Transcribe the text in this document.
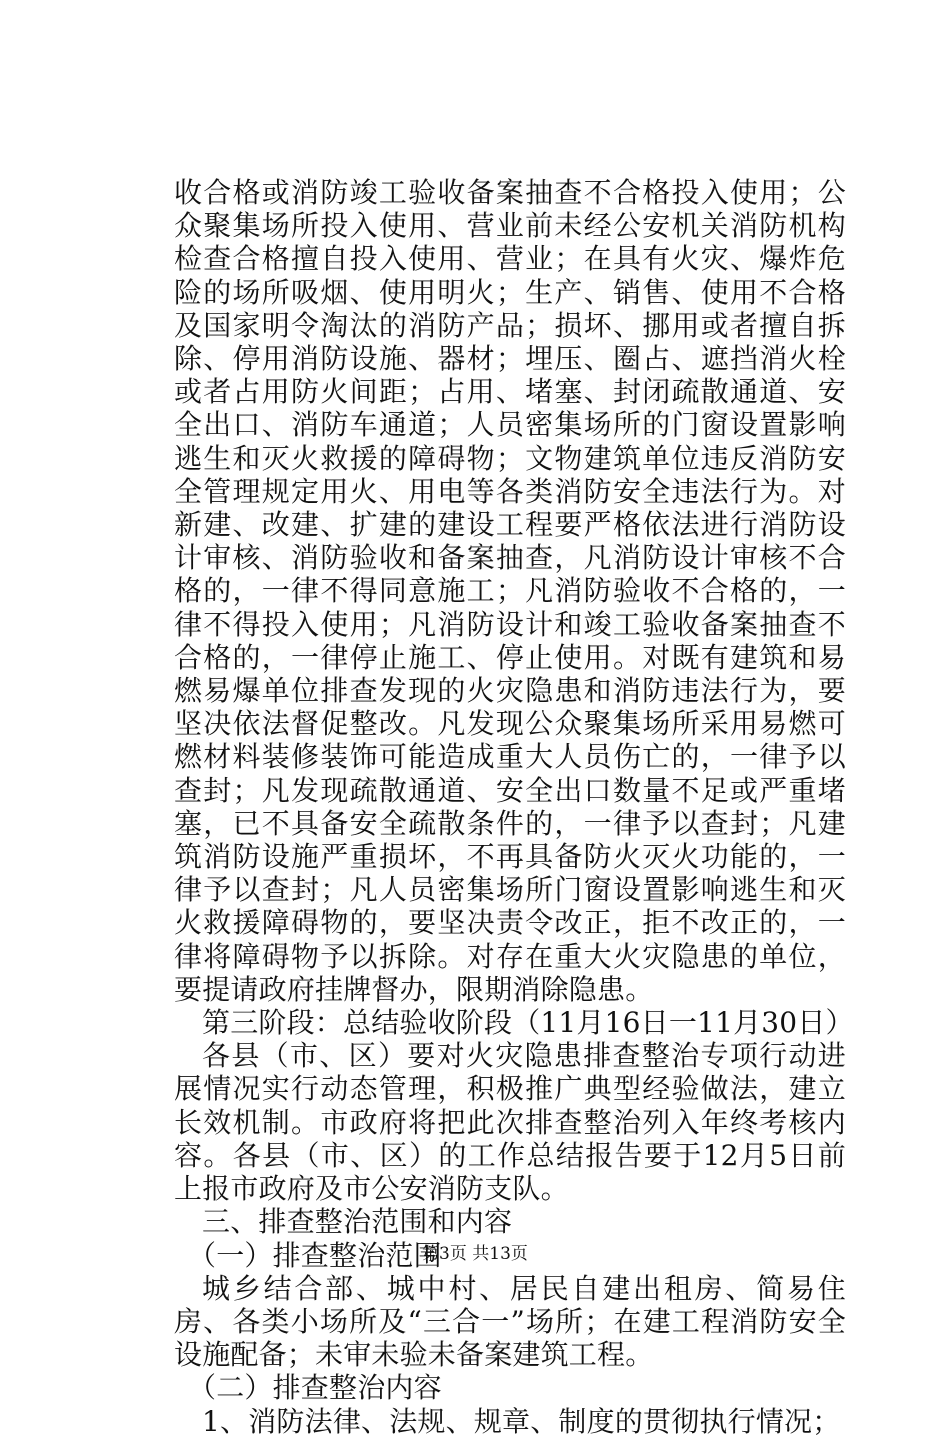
收合格或消防竣工验收备案抽查不合格投入使用；公众聚集场所投入使用、营业前未经公安机关消防机构检查合格擅自投入使用、营业；在具有火灾、爆炸危险的场所吸烟、使用明火；生产、销售、使用不合格及国家明令淘汰的消防产品；损坏、挪用或者擅自拆除、停用消防设施、器材；埋压、圈占、遮挡消火栓或者占用防火间距；占用、堵塞、封闭疏散通道、安全出口、消防车通道；人员密集场所的门窗设置影响逃生和灭火救援的障碍物；文物建筑单位违反消防安全管理规定用火、用电等各类消防安全违法行为。对新建、改建、扩建的建设工程要严格依法进行消防设计审核、消防验收和备案抽查，凡消防设计审核不合格的，一律不得同意施工；凡消防验收不合格的，一律不得投入使用；凡消防设计和竣工验收备案抽查不合格的，一律停止施工、停止使用。对既有建筑和易燃易爆单位排查发现的火灾隐患和消防违法行为，要坚决依法督促整改。凡发现公众聚集场所采用易燃可燃材料装修装饰可能造成重大人员伤亡的，一律予以查封；凡发现疏散通道、安全出口数量不足或严重堵塞，已不具备安全疏散条件的，一律予以查封；凡建筑消防设施严重损坏，不再具备防火灭火功能的，一律予以查封；凡人员密集场所门窗设置影响逃生和灭火救援障碍物的，要坚决责令改正，拒不改正的，一律将障碍物予以拆除。对存在重大火灾隐患的单位，要提请政府挂牌督办，限期消除隐患。

第三阶段：总结验收阶段（11月16日一11月30日）

各县（市、区）要对火灾隐患排查整治专项行动进展情况实行动态管理，积极推广典型经验做法，建立长效机制。市政府将把此次排查整治列入年终考核内容。各县（市、区）的工作总结报告要于12月5日前上报市政府及市公安消防支队。

三、排查整治范围和内容

（一）排查整治范围

城乡结合部、城中村、居民自建出租房、简易住房、各类小场所及“三合一”场所；在建工程消防安全设施配备；未审未验未备案建筑工程。

（二）排查整治内容

1、消防法律、法规、规章、制度的贯彻执行情况；

第3页 共13页
